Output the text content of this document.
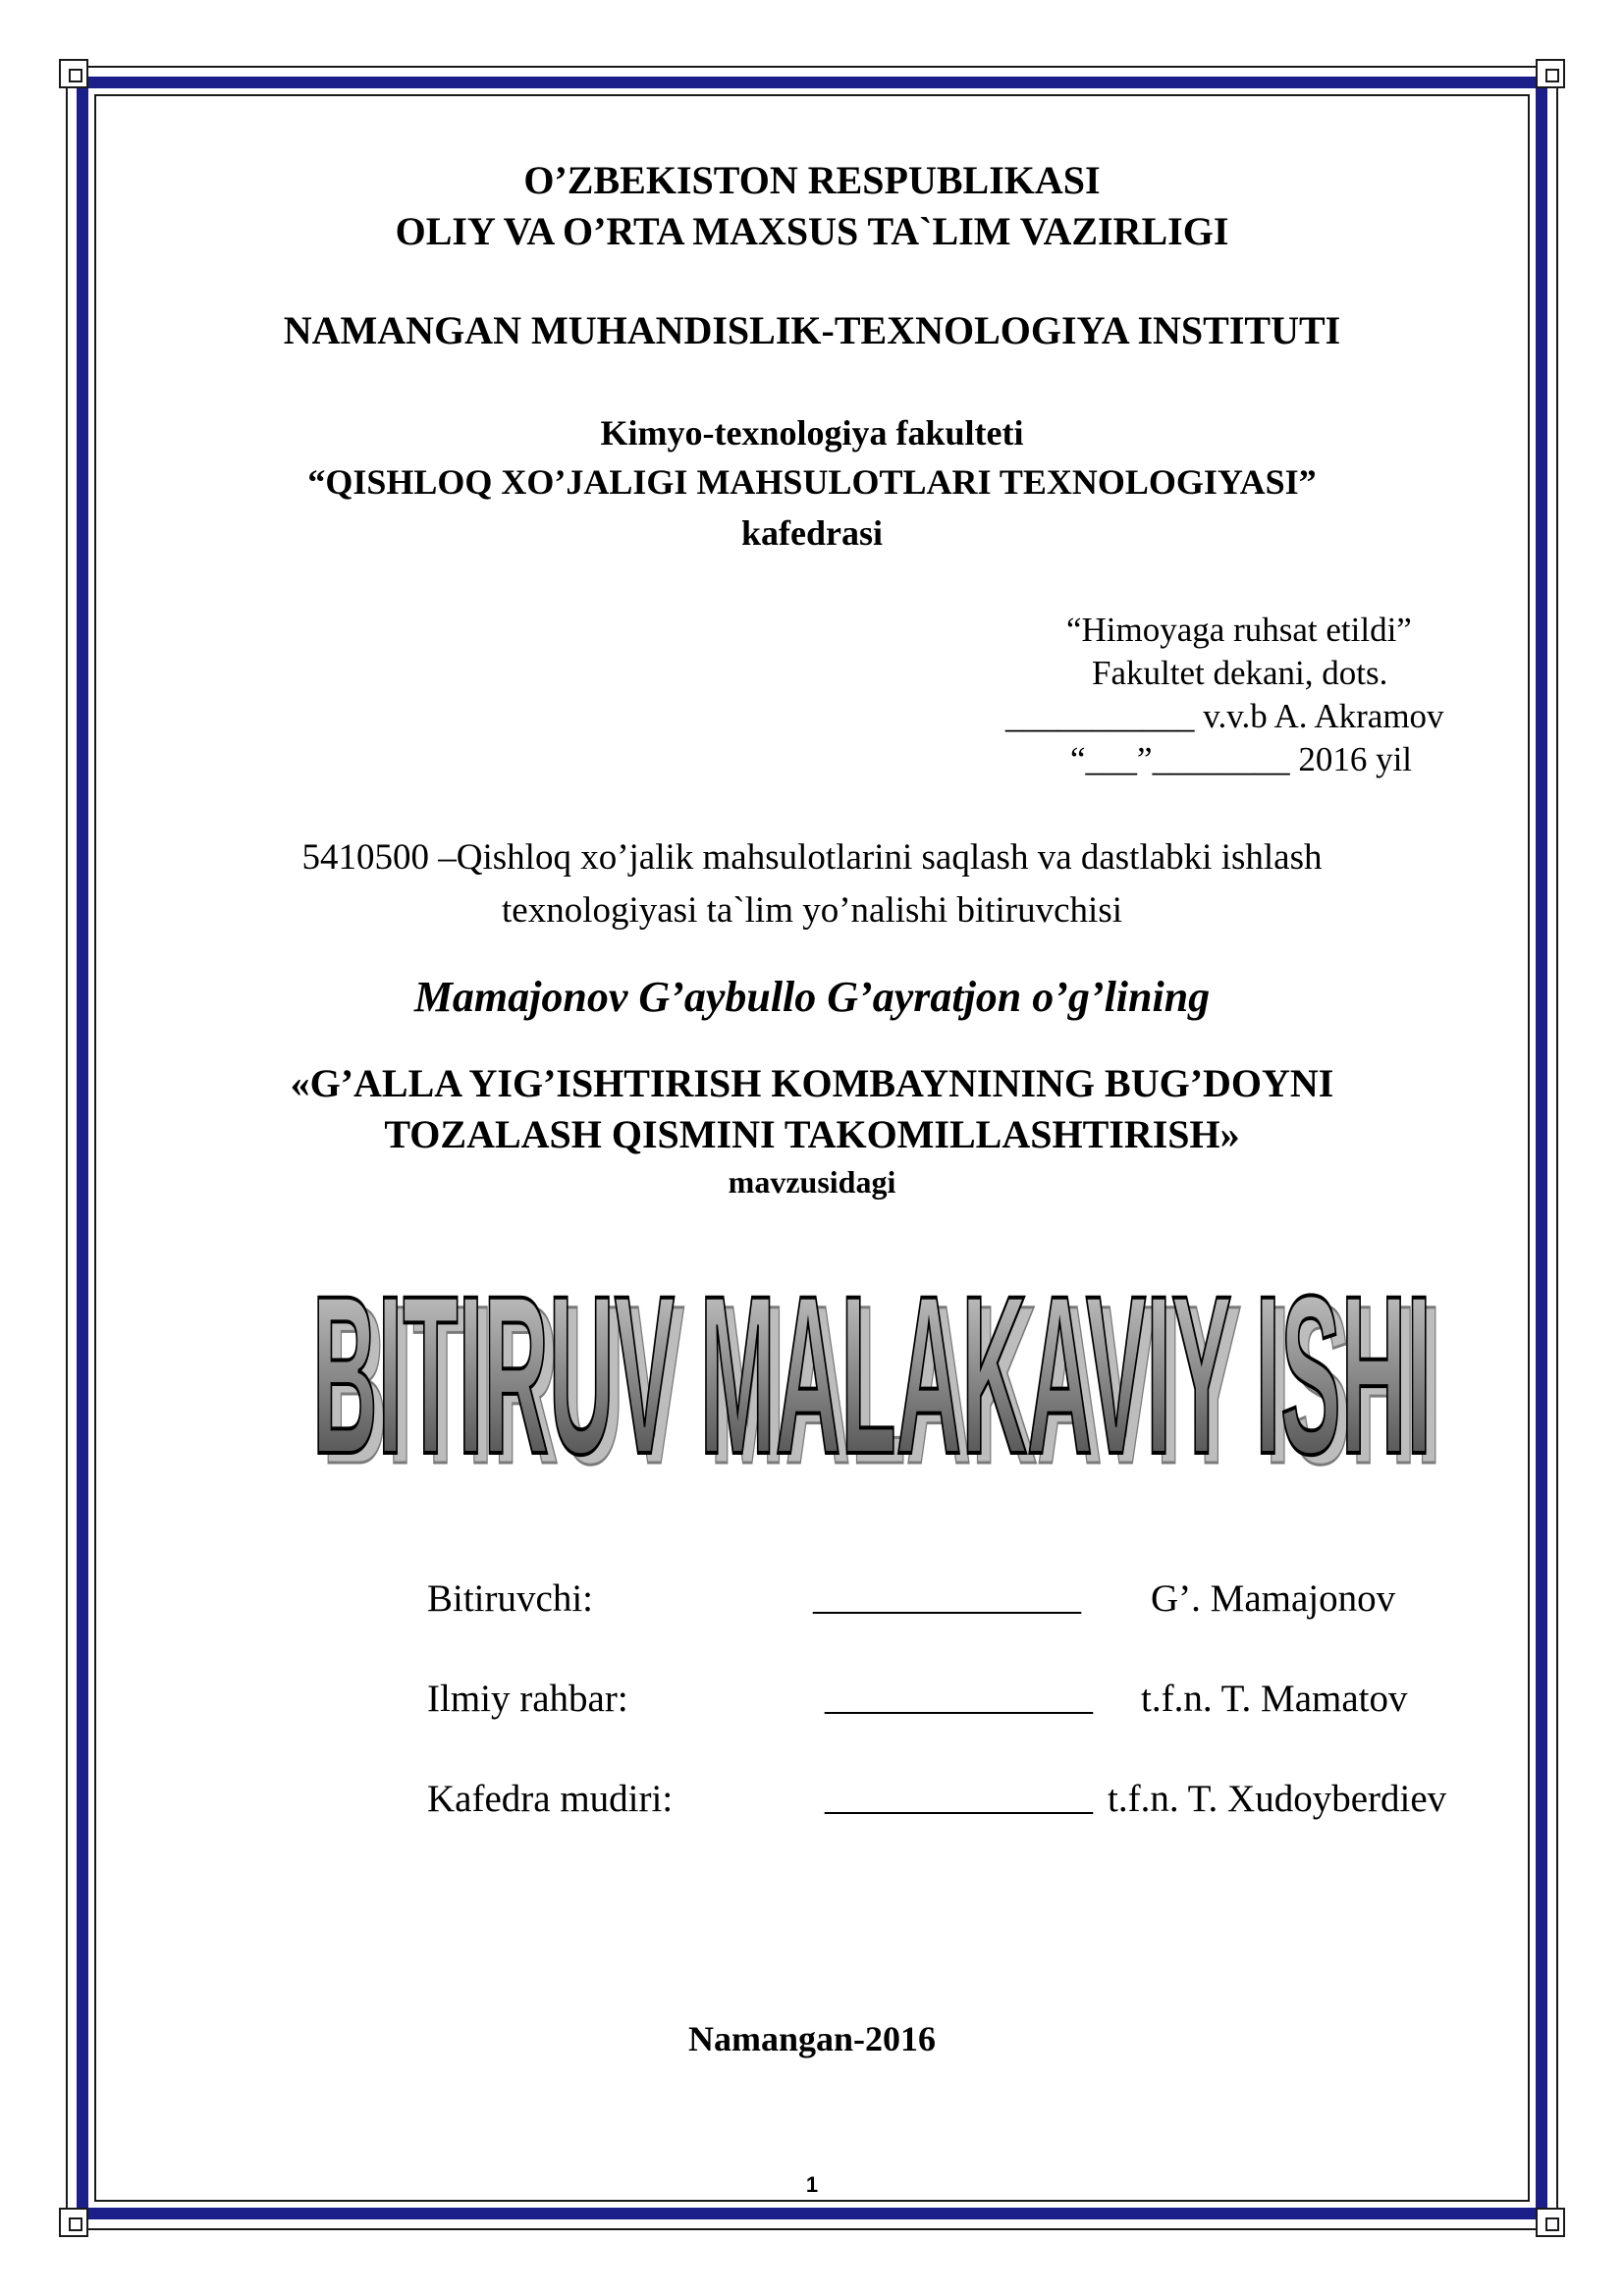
O’ZBEKISTON RESPUBLIKASI
OLIY VA O’RTA MAXSUS TA`LIM VAZIRLIGI
NAMANGAN MUHANDISLIK-TEXNOLOGIYA INSTITUTI
Kimyo-texnologiya fakulteti
“QISHLOQ XO’JALIGI MAHSULOTLARI TEXNOLOGIYASI”
kafedrasi
“Himoyaga ruhsat etildi”
Fakultet dekani, dots.
___________ v.v.b A. Akramov
“___”________ 2016 yil
5410500 –Qishloq xo’jalik mahsulotlarini saqlash va dastlabki ishlash
texnologiyasi ta`lim yo’nalishi bitiruvchisi
Mamajonov G’aybullo G’ayratjon o’g’lining
«G’ALLA YIG’ISHTIRISH KOMBAYNINING BUG’DOYNI
TOZALASH QISMINI TAKOMILLASHTIRISH»
mavzusidagi
BITIRUV MALAKAVIY ISHI
BITIRUV MALAKAVIY ISHI
Bitiruvchi:	______________ G’. Mamajonov
Ilmiy rahbar:	______________ t.f.n. T. Mamatov
Kafedra mudiri:	______________ t.f.n. T. Xudoyberdiev
Namangan-2016
1
